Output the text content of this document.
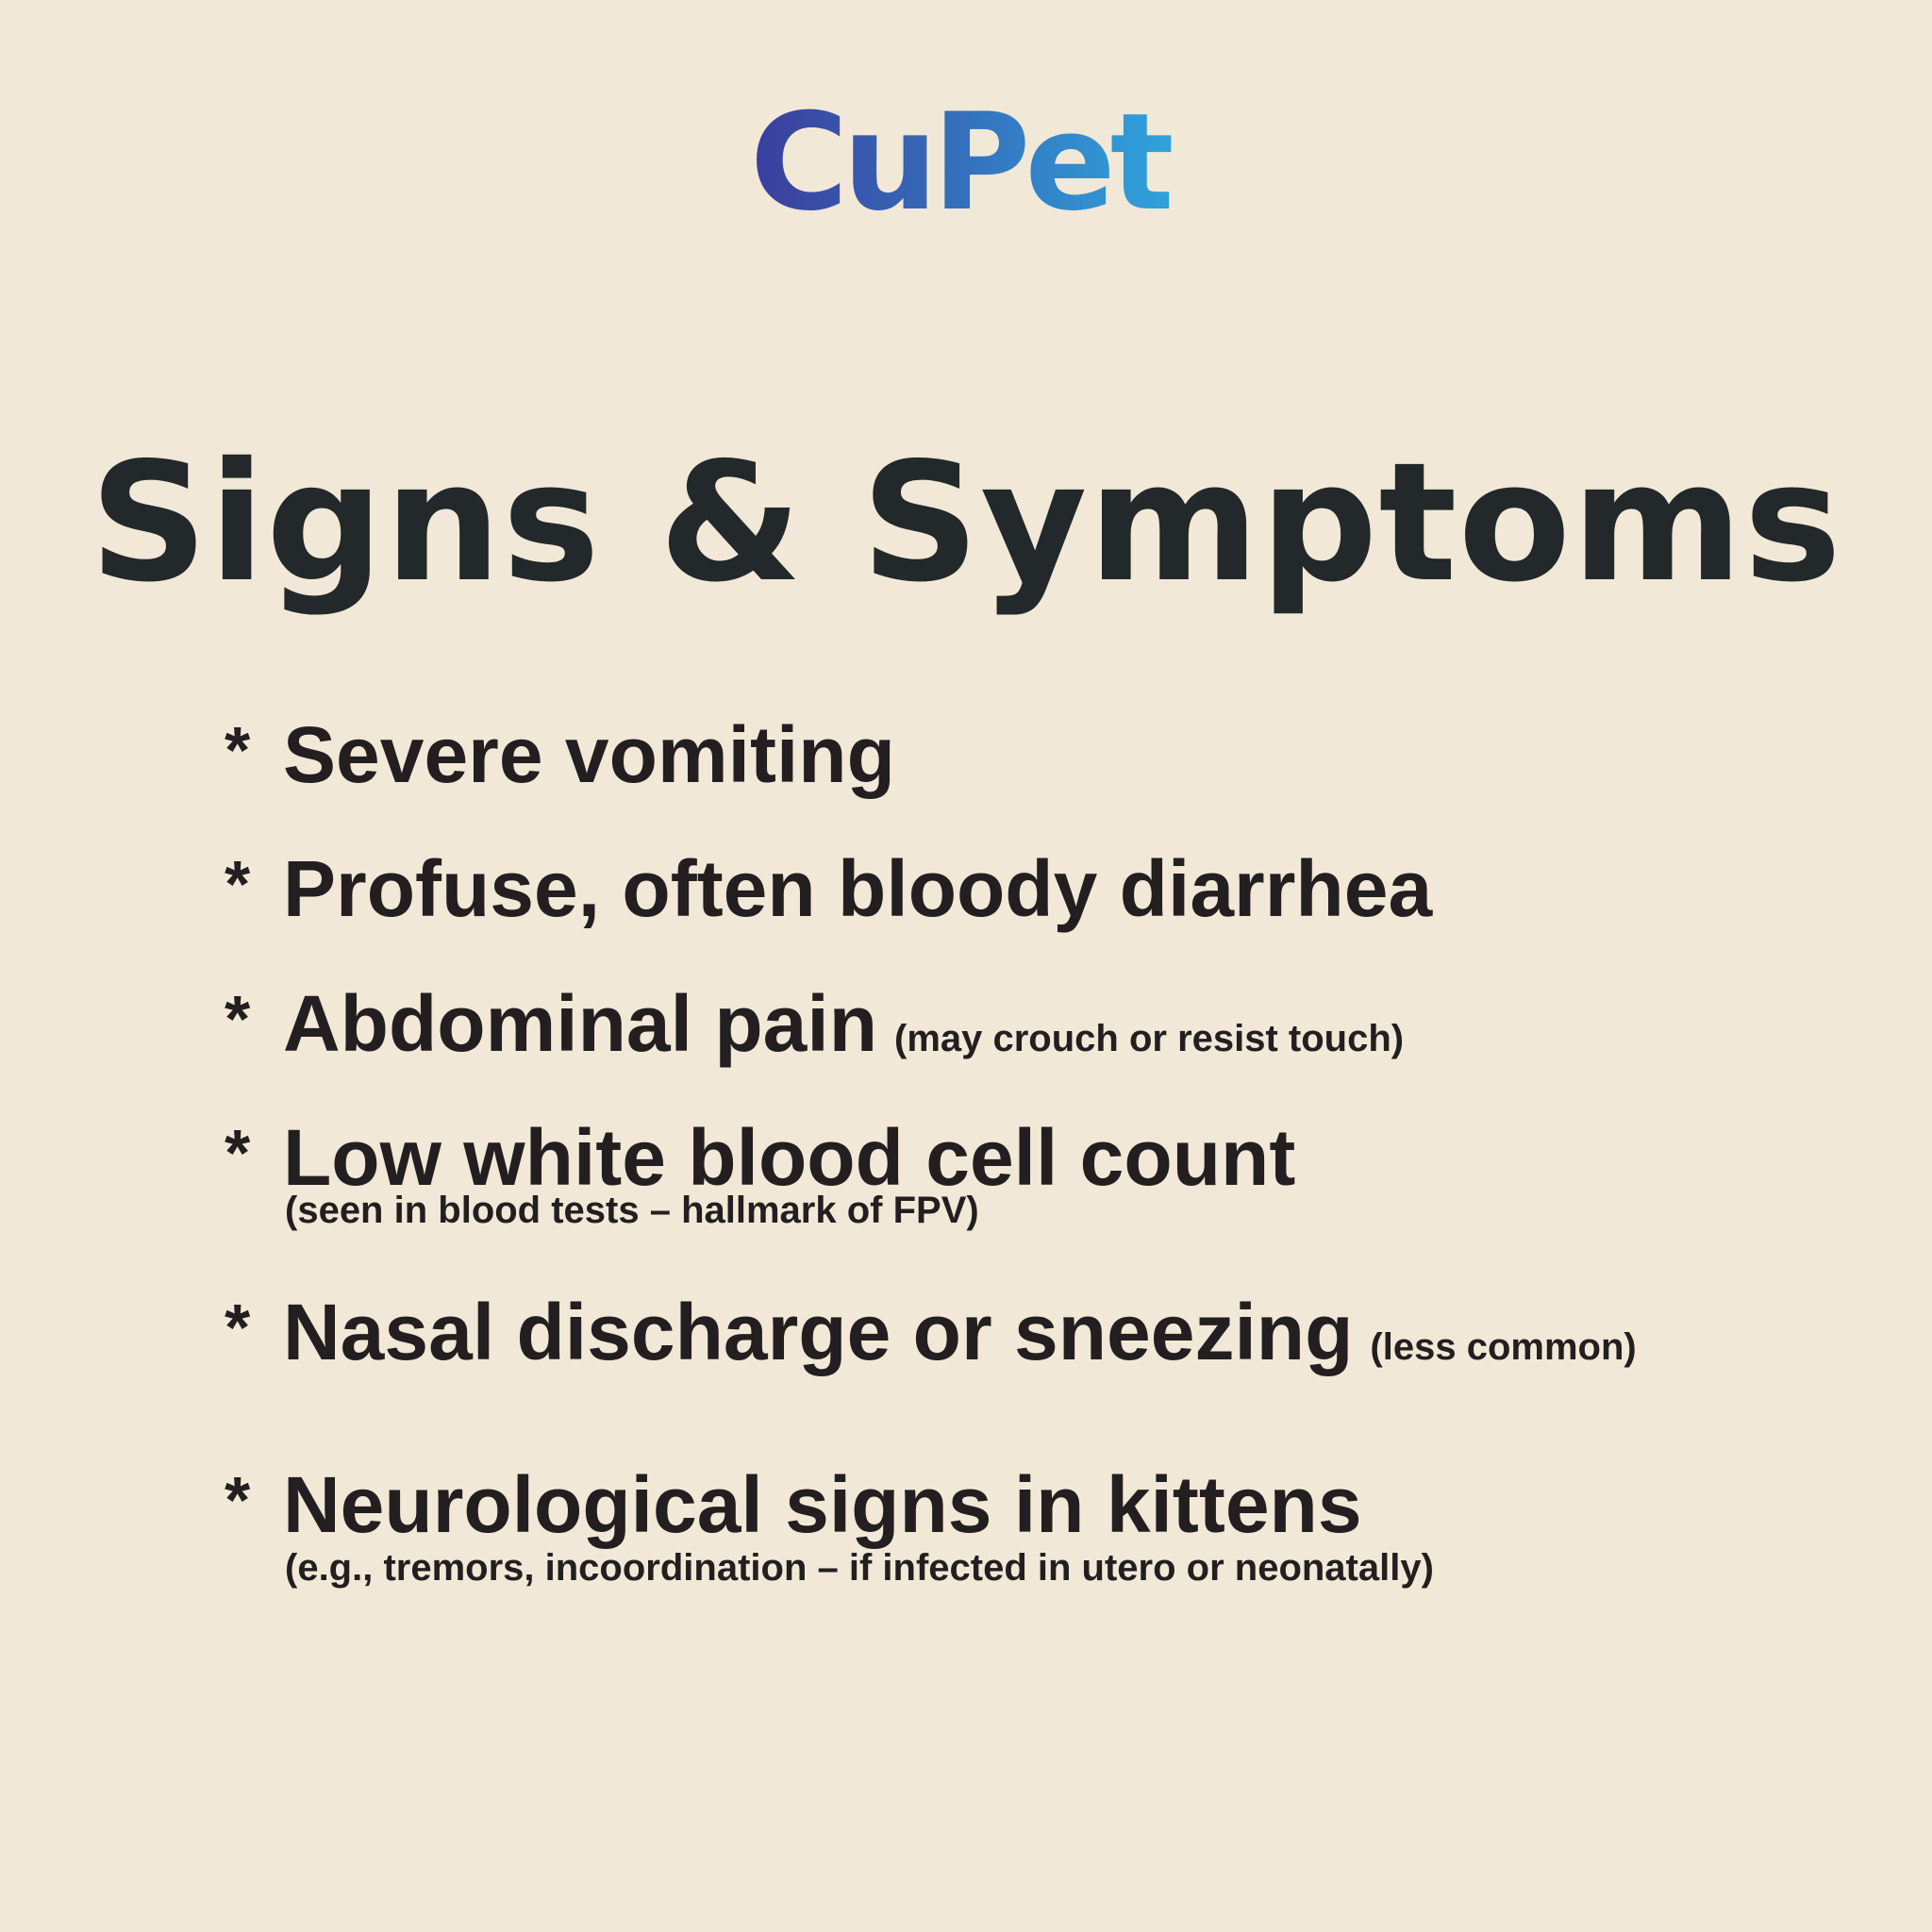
CuPet
Signs & Symptoms
* Severe vomiting
* Profuse, often bloody diarrhea
* Abdominal pain (may crouch or resist touch)
* Low white blood cell count
(seen in blood tests – hallmark of FPV)
* Nasal discharge or sneezing (less common)
* Neurological signs in kittens
(e.g., tremors, incoordination – if infected in utero or neonatally)
